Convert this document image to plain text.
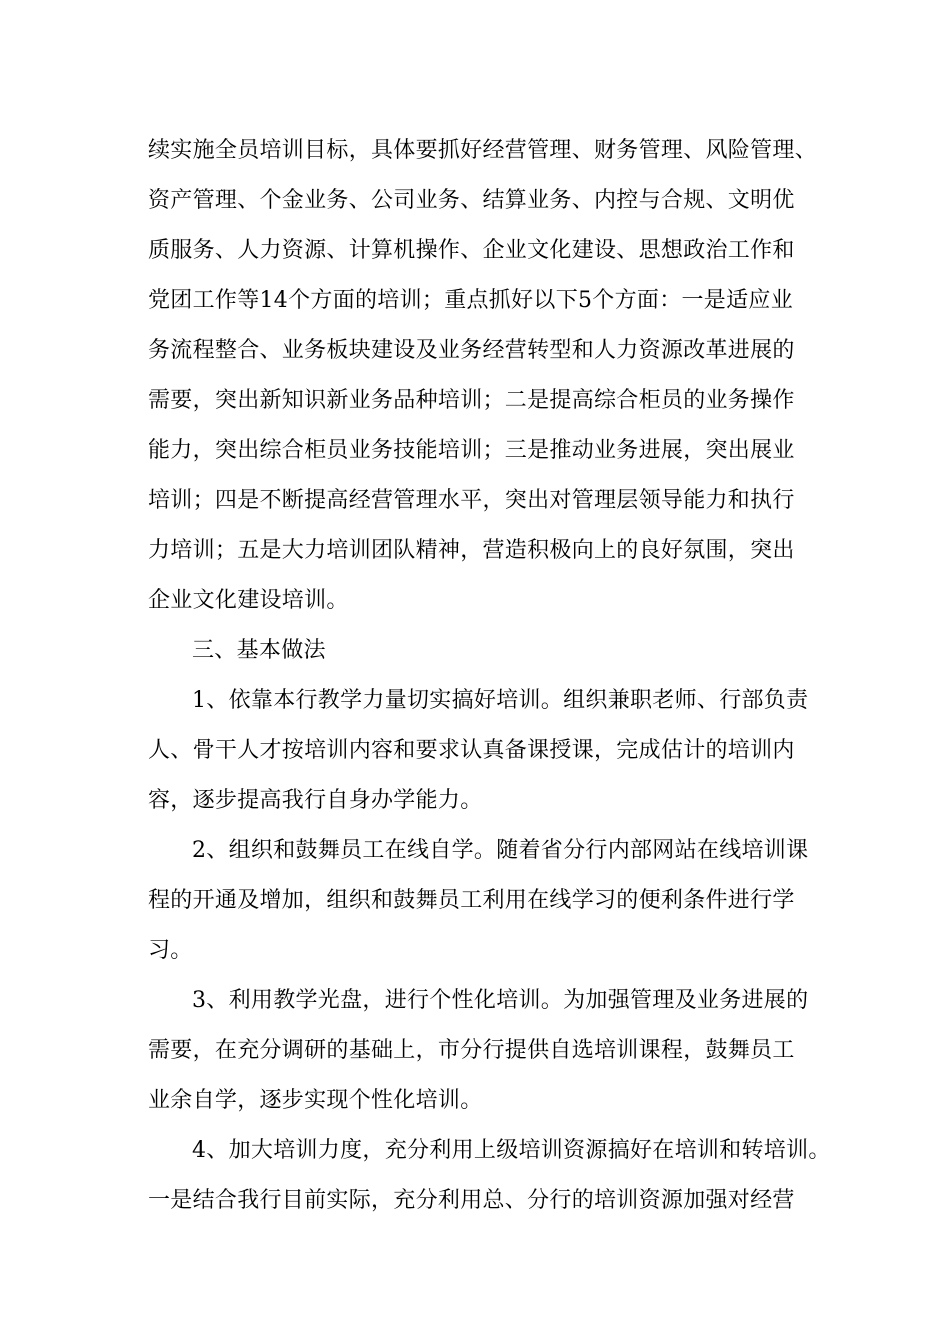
续实施全员培训目标，具体要抓好经营管理、财务管理、风险管理、
资产管理、个金业务、公司业务、结算业务、内控与合规、文明优
质服务、人力资源、计算机操作、企业文化建设、思想政治工作和
党团工作等14个方面的培训；重点抓好以下5个方面：一是适应业
务流程整合、业务板块建设及业务经营转型和人力资源改革进展的
需要，突出新知识新业务品种培训；二是提高综合柜员的业务操作
能力，突出综合柜员业务技能培训；三是推动业务进展，突出展业
培训；四是不断提高经营管理水平，突出对管理层领导能力和执行
力培训；五是大力培训团队精神，营造积极向上的良好氛围，突出
企业文化建设培训。
三、基本做法
1、依靠本行教学力量切实搞好培训。组织兼职老师、行部负责
人、骨干人才按培训内容和要求认真备课授课，完成估计的培训内
容，逐步提高我行自身办学能力。
2、组织和鼓舞员工在线自学。随着省分行内部网站在线培训课
程的开通及增加，组织和鼓舞员工利用在线学习的便利条件进行学
习。
3、利用教学光盘，进行个性化培训。为加强管理及业务进展的
需要，在充分调研的基础上，市分行提供自选培训课程，鼓舞员工
业余自学，逐步实现个性化培训。
4、加大培训力度，充分利用上级培训资源搞好在培训和转培训。
一是结合我行目前实际，充分利用总、分行的培训资源加强对经营
